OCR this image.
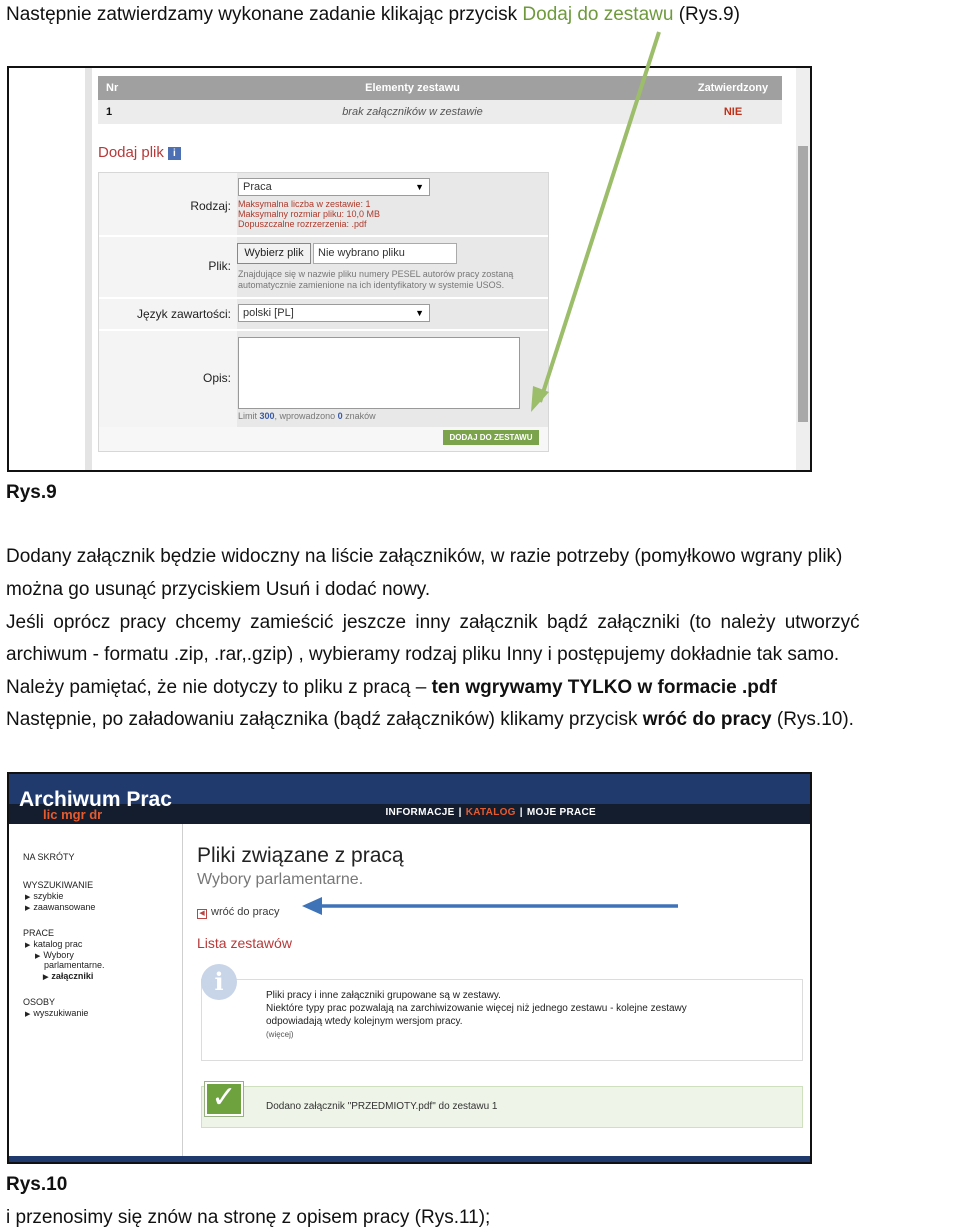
Następnie zatwierdzamy wykonane zadanie klikając przycisk Dodaj do zestawu (Rys.9)
Nr	Elementy zestawu	Zatwierdzony
1	brak załączników w zestawie	NIE
Dodaj plik i
Rodzaj:
Praca	▼
Maksymalna liczba w zestawie: 1
Maksymalny rozmiar pliku: 10,0 MB
Dopuszczalne rozrzerzenia: .pdf
Plik:
Wybierz plik	Nie wybrano pliku
Znajdujące się w nazwie pliku numery PESEL autorów pracy zostaną
automatycznie zamienione na ich identyfikatory w systemie USOS.
Język zawartości:	polski [PL]	▼
Opis:
Limit 300, wprowadzono 0 znaków
DODAJ DO ZESTAWU
Rys.9
Dodany załącznik będzie widoczny na liście załączników, w razie potrzeby (pomyłkowo wgrany plik)
można go usunąć przyciskiem Usuń i dodać nowy.
Jeśli oprócz pracy chcemy zamieścić jeszcze inny załącznik bądź załączniki (to należy utworzyć
archiwum - formatu .zip, .rar,.gzip) , wybieramy rodzaj pliku Inny i postępujemy dokładnie tak samo.
Należy pamiętać, że nie dotyczy to pliku z pracą – ten wgrywamy TYLKO w formacie .pdf
Następnie, po załadowaniu załącznika (bądź załączników) klikamy przycisk wróć do pracy (Rys.10).
Archiwum Prac
lic mgr dr	INFORMACJE | KATALOG | MOJE PRACE
NA SKRÓTY
WYSZUKIWANIE
▶ szybkie
▶ zaawansowane
PRACE
▶ katalog prac
▶ Wybory
parlamentarne.
▶ załączniki
OSOBY
▶ wyszukiwanie
Pliki związane z pracą
Wybory parlamentarne.
◀ wróć do pracy
Lista zestawów
Pliki pracy i inne załączniki grupowane są w zestawy.
Niektóre typy prac pozwalają na zarchiwizowanie więcej niż jednego zestawu - kolejne zestawy
odpowiadają wtedy kolejnym wersjom pracy.
(więcej)
i
Dodano załącznik "PRZEDMIOTY.pdf" do zestawu 1
✓
Rys.10
i przenosimy się znów na stronę z opisem pracy (Rys.11);
